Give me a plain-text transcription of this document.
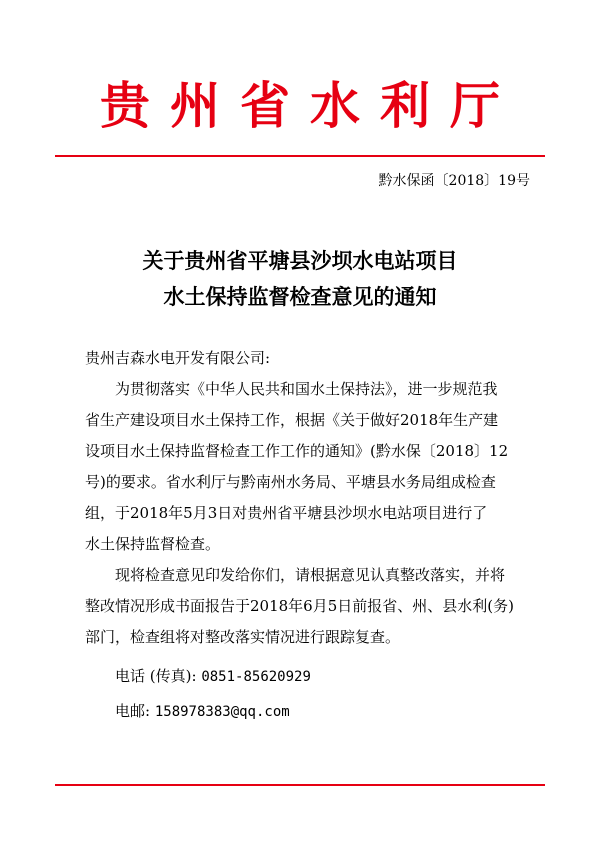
贵州省水利厅
黔水保函〔2018〕19号
关于贵州省平塘县沙坝水电站项目
水土保持监督检查意见的通知

贵州吉森水电开发有限公司:

为贯彻落实《中华人民共和国水土保持法》，进一步规范我

省生产建设项目水土保持工作，根据《关于做好2018年生产建

设项目水土保持监督检查工作工作的通知》(黔水保〔2018〕12

号)的要求。省水利厅与黔南州水务局、平塘县水务局组成检查

组，于2018年5月3日对贵州省平塘县沙坝水电站项目进行了

水土保持监督检查。

现将检查意见印发给你们，请根据意见认真整改落实，并将

整改情况形成书面报告于2018年6月5日前报省、州、县水利(务)

部门，检查组将对整改落实情况进行跟踪复查。

电话 (传真): 0851-85620929
电邮: 158978383@qq.com
